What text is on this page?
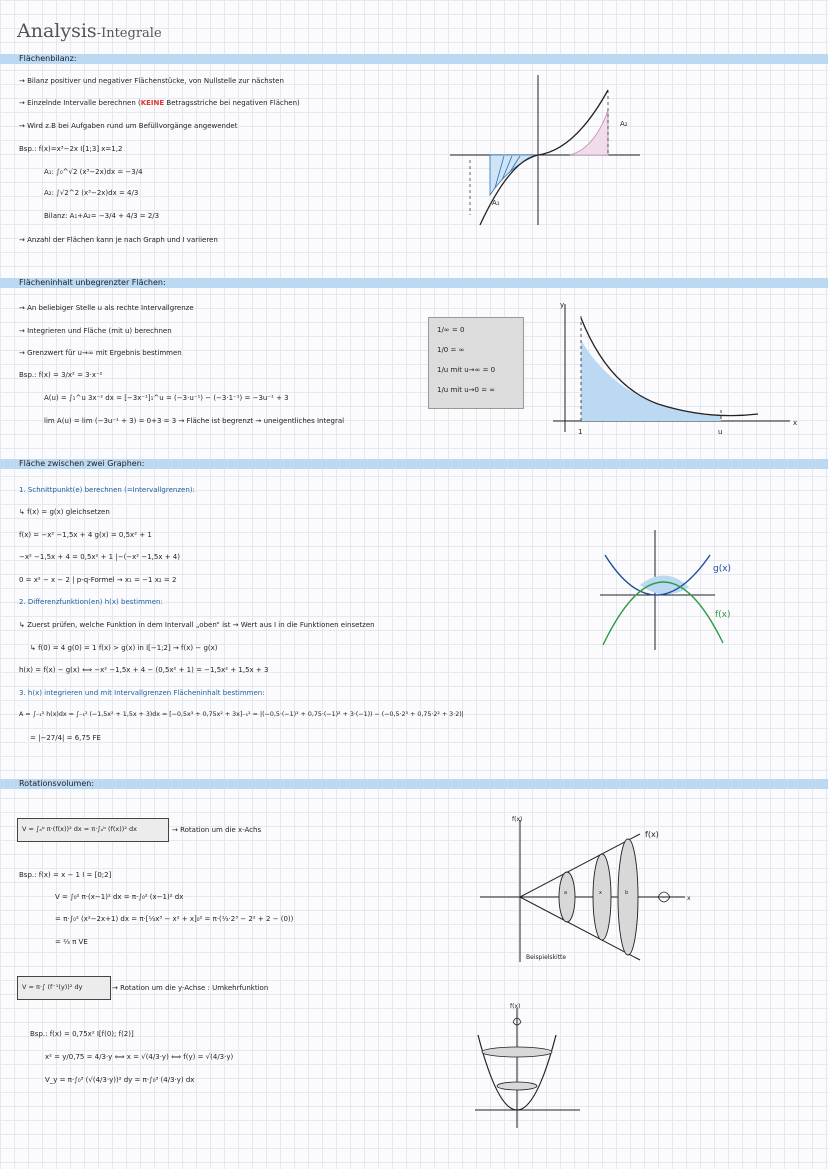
Analysis-Integrale
Flächenbilanz:
→ Bilanz positiver und negativer Flächenstücke, von Nullstelle zur nächsten
→ Einzelnde Intervalle berechnen (KEINE Betragsstriche bei negativen Flächen)
→ Wird z.B bei Aufgaben rund um Befüllvorgänge angewendet
Bsp.: f(x)=x³−2x I[1;3] x=1,2
A₁: ∫₀^√2 (x³−2x)dx = −3/4
A₂: ∫√2^2 (x³−2x)dx = 4/3
Bilanz: A₁+A₂= −3/4 + 4/3 = 2/3
→ Anzahl der Flächen kann je nach Graph und I variieren
A₂
A₁
Flächeninhalt unbegrenzter Flächen:
→ An beliebiger Stelle u als rechte Intervallgrenze
→ Integrieren und Fläche (mit u) berechnen
→ Grenzwert für u→∞ mit Ergebnis bestimmen
Bsp.: f(x) = 3/x² = 3·x⁻²
A(u) = ∫₁^u 3x⁻² dx = [−3x⁻¹]₁^u = (−3·u⁻¹) − (−3·1⁻¹) = −3u⁻¹ + 3
lim A(u) = lim (−3u⁻¹ + 3) = 0+3 = 3 → Fläche ist begrenzt → uneigentliches Integral
1/∞ = 0
1/0 = ∞
1/u mit u→∞ = 0
1/u mit u→0 = ∞
y
x
1	u
Fläche zwischen zwei Graphen:
1. Schnittpunkt(e) berechnen (=Intervallgrenzen):
↳ f(x) = g(x) gleichsetzen
f(x) = −x² −1,5x + 4 g(x) = 0,5x² + 1
−x² −1,5x + 4 = 0,5x² + 1 |−(−x² −1,5x + 4)
0 = x² − x − 2 | p-q-Formel → x₁ = −1 x₂ = 2
2. Differenzfunktion(en) h(x) bestimmen:
↳ Zuerst prüfen, welche Funktion in dem Intervall „oben“ ist → Wert aus I in die Funktionen einsetzen
↳ f(0) = 4 g(0) = 1 f(x) > g(x) in I[−1;2] → f(x) − g(x)
h(x) = f(x) − g(x) ⟺ −x² −1,5x + 4 − (0,5x² + 1) = −1,5x² + 1,5x + 3
3. h(x) integrieren und mit Intervallgrenzen Flächeninhalt bestimmen:
A = ∫₋₁² h(x)dx = ∫₋₁² (−1,5x² + 1,5x + 3)dx = [−0,5x³ + 0,75x² + 3x]₋₁² = |(−0,5·(−1)³ + 0,75·(−1)² + 3·(−1)) − (−0,5·2³ + 0,75·2² + 3·2)|
= |−27/4| = 6,75 FE
g(x)
f(x)
Rotationsvolumen:
V = ∫ₐᵇ π·(f(x))² dx = π·∫ₐᵇ (f(x))² dx	→ Rotation um die x-Achs
Bsp.: f(x) = x − 1 I = [0;2]
V = ∫₀² π·(x−1)² dx = π·∫₀² (x−1)² dx
= π·∫₀² (x²−2x+1) dx = π·[⅓x³ − x² + x]₀² = π·(⅓·2³ − 2² + 2 − (0))
= ⅔ π VE
V = π·∫ (f⁻¹(y))² dy	→ Rotation um die y-Achse : Umkehrfunktion
Bsp.: f(x) = 0,75x² I[f(0); f(2)]
x² = y/0,75 = 4/3·y ⟺ x = √(4/3·y) ⟺ f(y) = √(4/3·y)
V_y = π·∫₀³ (√(4/3·y))² dy = π·∫₀³ (4/3·y) dx
f(x)
a	x	b
f(x)
x
Beispielskitte
f(x)
